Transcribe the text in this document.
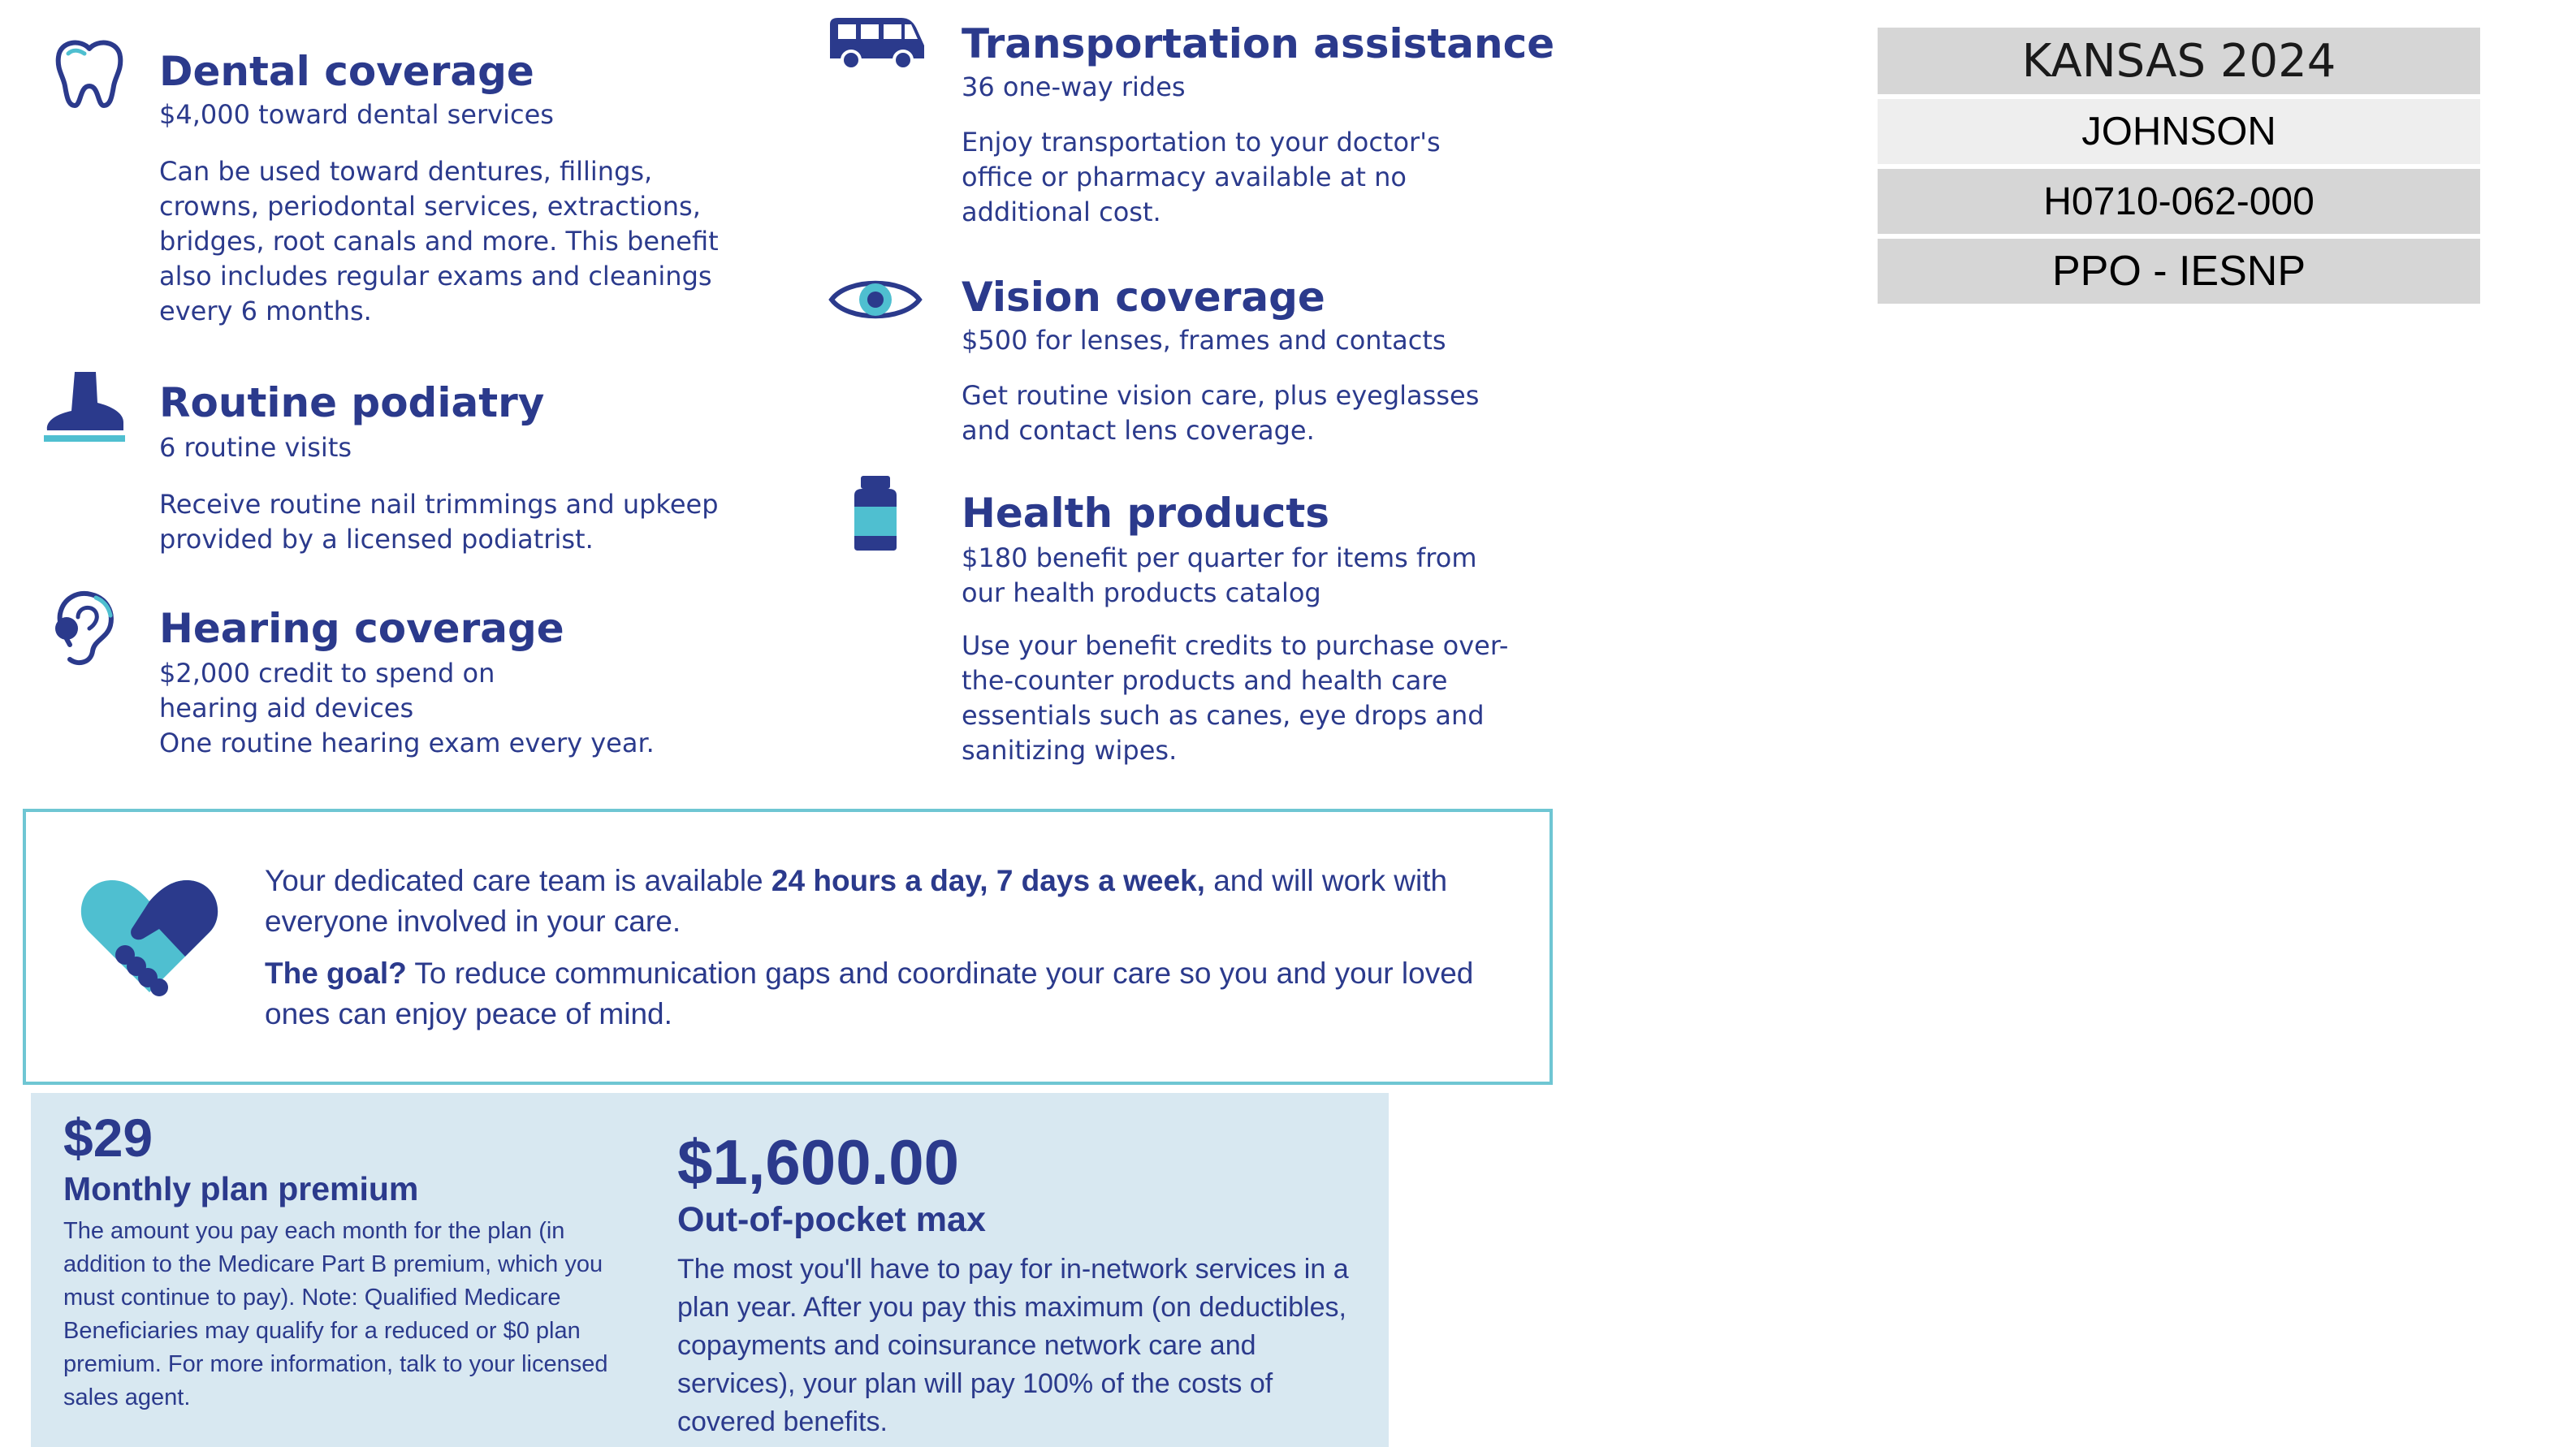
Dental coverage
$4,000 toward dental services
Can be used toward dentures, fillings, crowns, periodontal services, extractions, bridges, root canals and more. This benefit also includes regular exams and cleanings every 6 months.
Routine podiatry
6 routine visits
Receive routine nail trimmings and upkeep provided by a licensed podiatrist.
Hearing coverage
$2,000 credit to spend on
hearing aid devices
One routine hearing exam every year.
Transportation assistance
36 one-way rides
Enjoy transportation to your doctor's office or pharmacy available at no additional cost.
Vision coverage
$500 for lenses, frames and contacts
Get routine vision care, plus eyeglasses and contact lens coverage.
Health products
$180 benefit per quarter for items from our health products catalog
Use your benefit credits to purchase over-the-counter products and health care essentials such as canes, eye drops and sanitizing wipes.

Your dedicated care team is available 24 hours a day, 7 days a week, and will work with everyone involved in your care.

The goal? To reduce communication gaps and coordinate your care so you and your loved ones can enjoy peace of mind.

$29
Monthly plan premium
The amount you pay each month for the plan (in addition to the Medicare Part B premium, which you must continue to pay). Note: Qualified Medicare Beneficiaries may qualify for a reduced or $0 plan premium. For more information, talk to your licensed sales agent.
$1,600.00
Out-of-pocket max
The most you'll have to pay for in-network services in a plan year. After you pay this maximum (on deductibles, copayments and coinsurance network care and services), your plan will pay 100% of the costs of covered benefits.
KANSAS 2024
JOHNSON
H0710-062-000
PPO - IESNP
